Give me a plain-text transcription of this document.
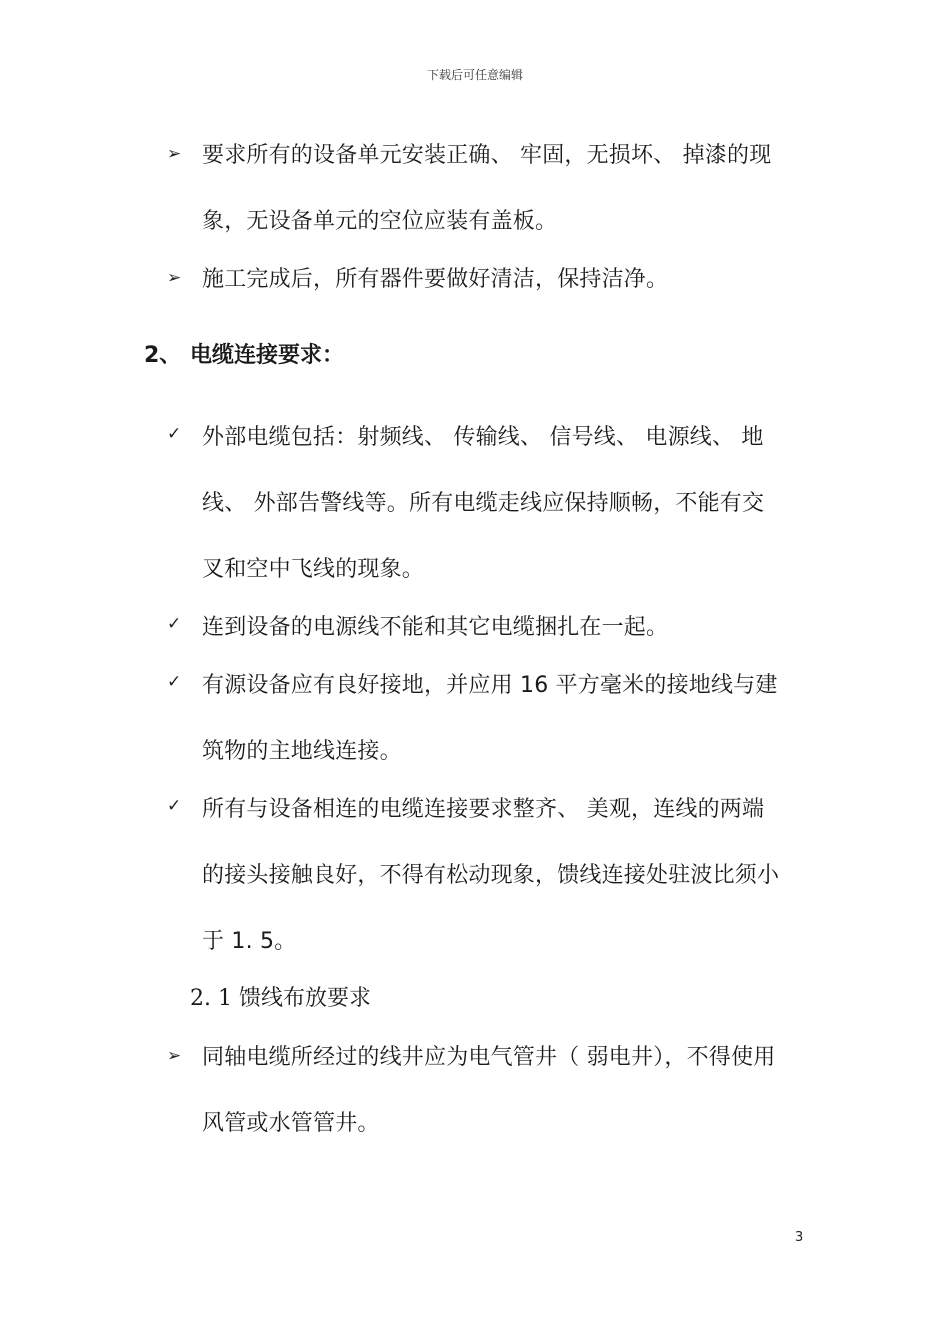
下载后可任意编辑
➢ 要求所有的设备单元安装正确、 牢固，无损坏、 掉漆的现
象，无设备单元的空位应装有盖板。
➢ 施工完成后，所有器件要做好清洁，保持洁净。
2、 电缆连接要求：
✓ 外部电缆包括：射频线、 传输线、 信号线、 电源线、 地
线、 外部告警线等。所有电缆走线应保持顺畅，不能有交
叉和空中飞线的现象。
✓ 连到设备的电源线不能和其它电缆捆扎在一起。
✓ 有源设备应有良好接地，并应用 16 平方毫米的接地线与建
筑物的主地线连接。
✓ 所有与设备相连的电缆连接要求整齐、 美观，连线的两端
的接头接触良好，不得有松动现象，馈线连接处驻波比须小
于 1. 5。
2. 1 馈线布放要求
➢ 同轴电缆所经过的线井应为电气管井（ 弱电井），不得使用
风管或水管管井。
3
